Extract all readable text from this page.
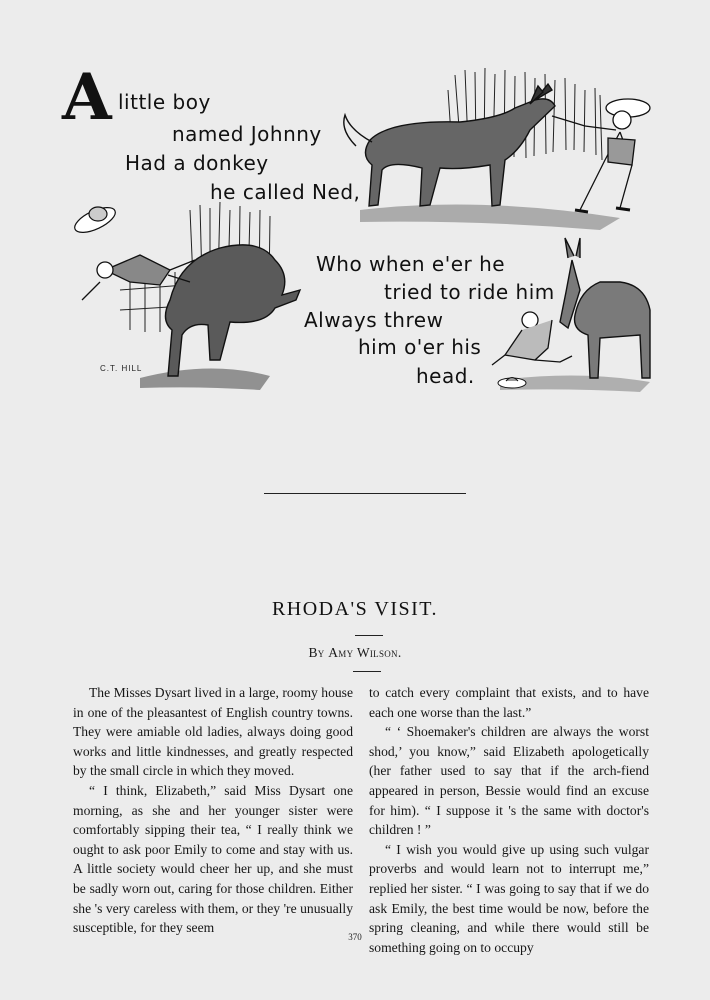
A little boy
named Johnny
Had a donkey
he called Ned,
Who when e'er he
tried to ride him
Always threw
him o'er his
head.
C.T. HILL
RHODA'S VISIT.
By Amy Wilson.

The Misses Dysart lived in a large, roomy house in one of the pleasantest of English country towns. They were amiable old ladies, always doing good works and little kindnesses, and greatly respected by the small circle in which they moved.

“ I think, Elizabeth,” said Miss Dysart one morning, as she and her younger sister were comfortably sipping their tea, “ I really think we ought to ask poor Emily to come and stay with us. A little society would cheer her up, and she must be sadly worn out, caring for those children. Either she 's very careless with them, or they 're unusually susceptible, for they seem

to catch every complaint that exists, and to have each one worse than the last.”

“ ‘ Shoemaker's children are always the worst shod,’ you know,” said Elizabeth apologetically (her father used to say that if the arch-fiend appeared in person, Bessie would find an excuse for him). “ I suppose it 's the same with doctor's children ! ”

“ I wish you would give up using such vulgar proverbs and would learn not to interrupt me,” replied her sister. “ I was going to say that if we do ask Emily, the best time would be now, before the spring cleaning, and while there would still be something going on to occupy

370
